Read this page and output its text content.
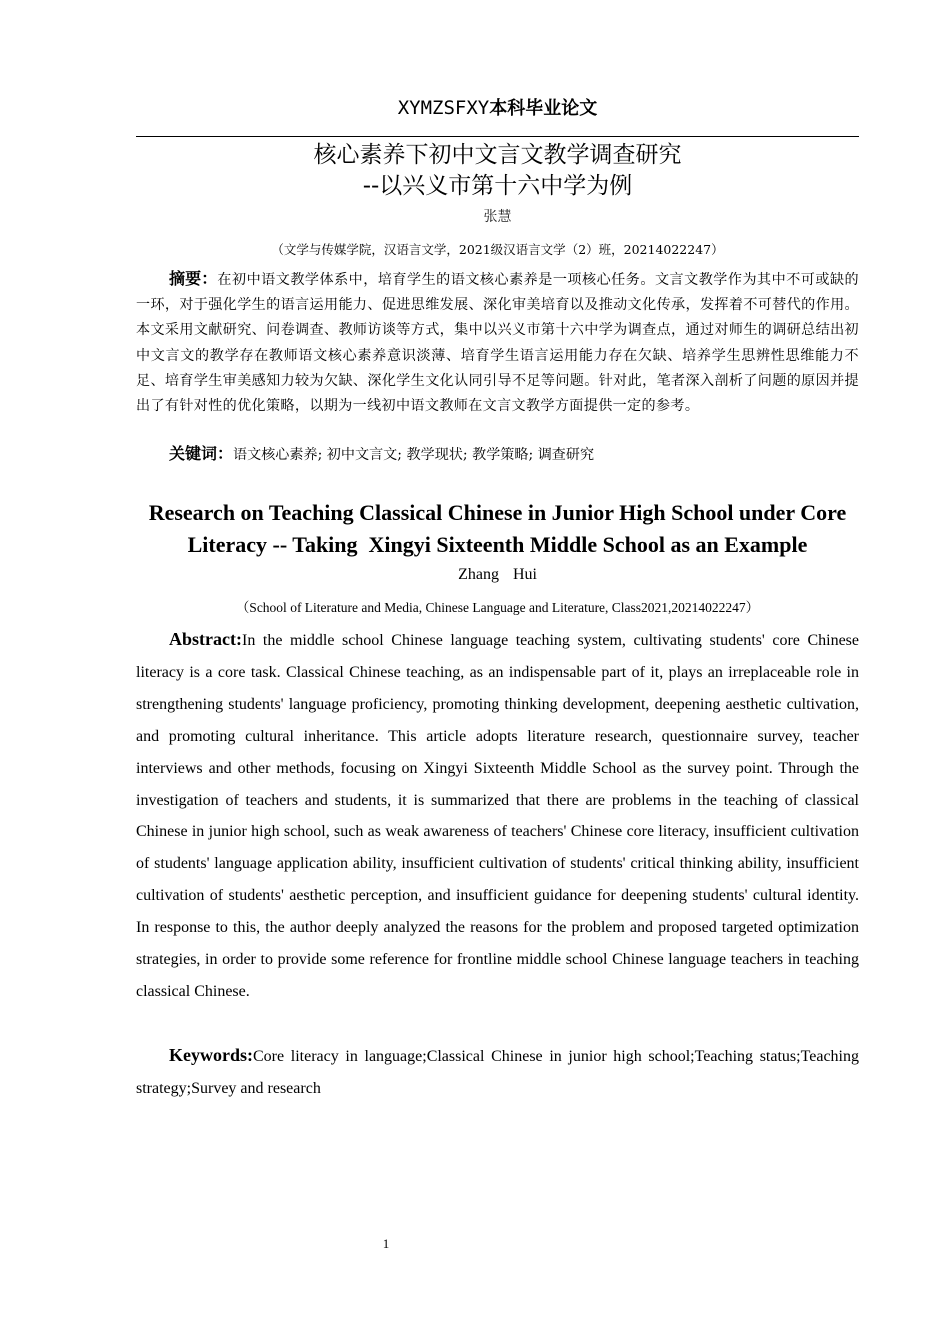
XYMZSFXY本科毕业论文
核心素养下初中文言文教学调查研究
--以兴义市第十六中学为例
张慧
（文学与传媒学院，汉语言文学，2021级汉语言文学（2）班，20214022247）
摘要：在初中语文教学体系中，培育学生的语文核心素养是一项核心任务。文言文教学作为其中不可或缺的一环，对于强化学生的语言运用能力、促进思维发展、深化审美培育以及推动文化传承，发挥着不可替代的作用。本文采用文献研究、问卷调查、教师访谈等方式，集中以兴义市第十六中学为调查点，通过对师生的调研总结出初中文言文的教学存在教师语文核心素养意识淡薄、培育学生语言运用能力存在欠缺、培养学生思辨性思维能力不足、培育学生审美感知力较为欠缺、深化学生文化认同引导不足等问题。针对此，笔者深入剖析了问题的原因并提出了有针对性的优化策略，以期为一线初中语文教师在文言文教学方面提供一定的参考。
关键词：语文核心素养; 初中文言文; 教学现状; 教学策略; 调查研究
Research on Teaching Classical Chinese in Junior High School under Core
Literacy -- Taking  Xingyi Sixteenth Middle School as an Example
Zhang  Hui
（School of Literature and Media, Chinese Language and Literature, Class2021,20214022247）
Abstract:In the middle school Chinese language teaching system, cultivating students' core Chinese literacy is a core task. Classical Chinese teaching, as an indispensable part of it, plays an irreplaceable role in strengthening students' language proficiency, promoting thinking development, deepening aesthetic cultivation, and promoting cultural inheritance. This article adopts literature research, questionnaire survey, teacher interviews and other methods, focusing on Xingyi Sixteenth Middle School as the survey point. Through the investigation of teachers and students, it is summarized that there are problems in the teaching of classical Chinese in junior high school, such as weak awareness of teachers' Chinese core literacy, insufficient cultivation of students' language application ability, insufficient cultivation of students' critical thinking ability, insufficient cultivation of students' aesthetic perception, and insufficient guidance for deepening students' cultural identity. In response to this, the author deeply analyzed the reasons for the problem and proposed targeted optimization strategies, in order to provide some reference for frontline middle school Chinese language teachers in teaching classical Chinese.
Keywords:Core literacy in language;Classical Chinese in junior high school;Teaching status;Teaching strategy;Survey and research
1
